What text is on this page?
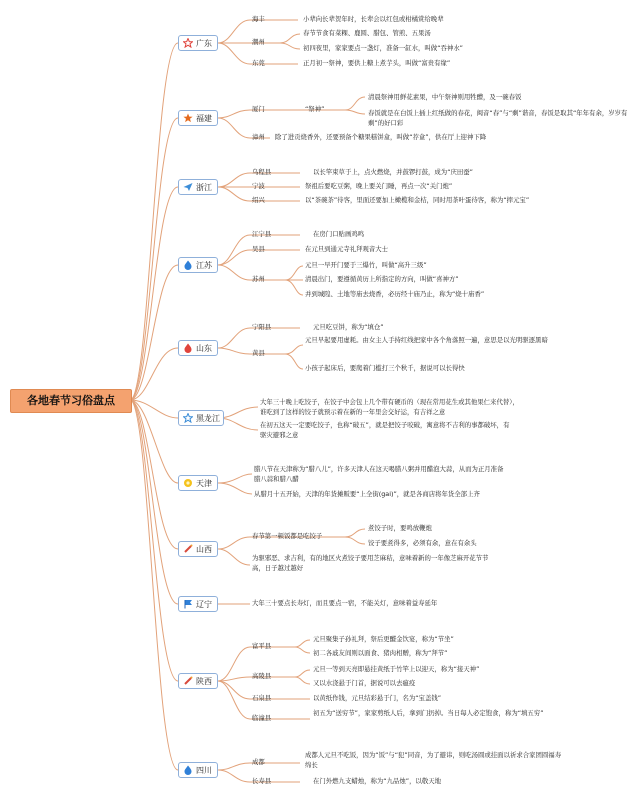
各地春节习俗盘点
广东
福建
浙江
江苏
山东
黑龙江
天津
山西
辽宁
陕西
四川
海丰	小辈向长辈贺年时，长辈会以红包或柑橘赏给晚辈
潮州
春节节食有菜粿、鹿圆、腊包、管煎、五果汤
初四夜里，家家要点一盏灯，准备一缸水，叫做“吞神水”
东莞	正月初一祭神，要供上糖上煮芋头，叫做“富贵有缘”
厦门	“祭神”
清晨祭神用鲜花素果，中午祭神则用牲醴，及一碗春饭
春饭就是在白饭上插上红纸做的春花，闽音“春”与“剩”谐音，春饭是取其“年年有余，岁岁有剩”的好口彩
漳州 除了进贡烧香外，还要预备个糖果糕饼盒，叫做“荐盒”，供在厅上迎神下降
乌程县	以长竿束草于上，点火燃烧，并鼓锣打鼓，成为“庆田蚕”
宁波	祭祖后要吃豆粥，晚上要关门睡，再点一次“关门炮”
绍兴	以“茶碗茶”待客，里面还要加上橄榄和金桔，同时用茶叶蛋待客，称为“摔元宝”
江宁县	在房门口贴画鸡鸣
吴县	在元旦到通元寺礼拜观音大士
苏州
元旦一早开门要于三爆竹，叫做“高升三级”
清晨出门，要遵循黄历上所指定的方向，叫做“喜神方”
并到城隍、土地等庙去烧香，必历经十庙乃止，称为“烧十庙香”
宁阳县	元旦吃豆饼，称为“填仓”
黄县
元旦早起要用虚耗。由女主人手持红线把家中各个角落照一遍，意思是以光明驱逐黑暗
小孩子起床后，要爬着门槛打三个秋千，据说可以长得快
大年三十晚上吃饺子，在饺子中会包上几个带有硬币的（现在常用花生或其他果仁来代替），谁吃到了这样的饺子就预示着在新的一年里会交好运，有吉祥之意
在初五这天一定要吃饺子，也称“破五”，就是把饺子咬破，寓意将不吉利的事都破坏，有驱灾避邪之意
腊八节在天津称为“腊八儿”，许多天津人在这天喝腊八粥并用醋泡大蒜，从而为正月准备腊八蒜和腊八醋
从腊月十五开始，天津的年货摊販要“上全街(gai)”，就是各商店将年货全部上齐
春节第一顿饭都是吃饺子
煮饺子时，要鸣放鞭炮
饺子要煮得多，必须有余，意在有余头
为驱邪恶、求吉利，有的地区火煮饺子要用芝麻秸，意味着新的一年像芝麻开花节节高，日子越过越好
大年三十要点长寿灯，而且要点一宿，不能关灯，意味着益寿延年
富平县
元旦聚集子孙礼拜，祭后更醵金饮宴，称为“节坐”
初二各戚友间则以面食、猪肉相赠，称为“拜节”
高陵县
元旦一等到天亮即悬挂黄纸于竹竿上以迎天，称为“接天神”
又以水浇悬于门首，据说可以去瘟疫
石泉县	以黄纸作钱，元旦结彩悬于门，名为“宝盖钱”
临潼县
初五为“送穷节”，家家剪纸人后，拿到门扔掉。当日每人必定饱食，称为“填五穷”
成都
成都人元旦不吃饭，因为“饭”与“犯”同音，为了避讳，则吃汤圆或挂面以祈求合家团圆福寿绵长
长寿县	在门外燃九支蜡烛，称为“九品烛”，以敬天地
